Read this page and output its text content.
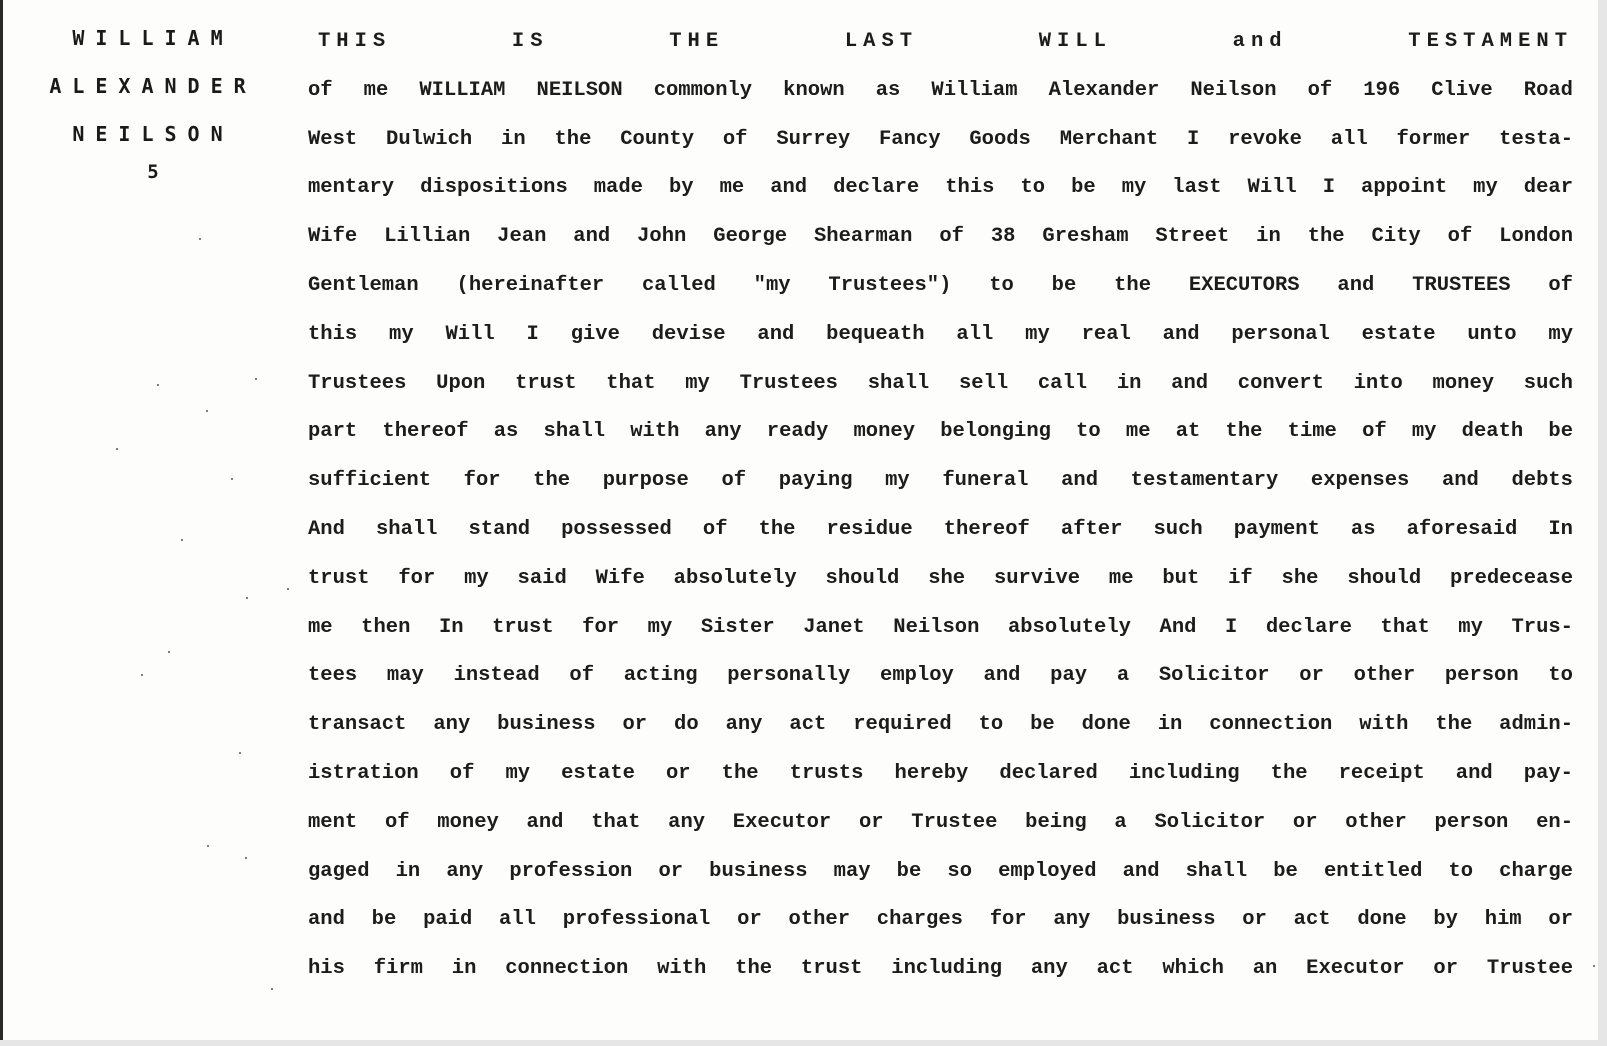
WILLIAM
ALEXANDER
NEILSON
5
THIS IS THE LAST WILL and TESTAMENT
of me WILLIAM NEILSON commonly known as William Alexander Neilson of 196 Clive Road
West Dulwich in the County of Surrey Fancy Goods Merchant I revoke all former testa-
mentary dispositions made by me and declare this to be my last Will I appoint my dear
Wife Lillian Jean and John George Shearman of 38 Gresham Street in the City of London
Gentleman (hereinafter called "my Trustees") to be the EXECUTORS and TRUSTEES of
this my Will I give devise and bequeath all my real and personal estate unto my
Trustees Upon trust that my Trustees shall sell call in and convert into money such
part thereof as shall with any ready money belonging to me at the time of my death be
sufficient for the purpose of paying my funeral and testamentary expenses and debts
And shall stand possessed of the residue thereof after such payment as aforesaid In
trust for my said Wife absolutely should she survive me but if she should predecease
me then In trust for my Sister Janet Neilson absolutely And I declare that my Trus-
tees may instead of acting personally employ and pay a Solicitor or other person to
transact any business or do any act required to be done in connection with the admin-
istration of my estate or the trusts hereby declared including the receipt and pay-
ment of money and that any Executor or Trustee being a Solicitor or other person en-
gaged in any profession or business may be so employed and shall be entitled to charge
and be paid all professional or other charges for any business or act done by him or
his firm in connection with the trust including any act which an Executor or Trustee
